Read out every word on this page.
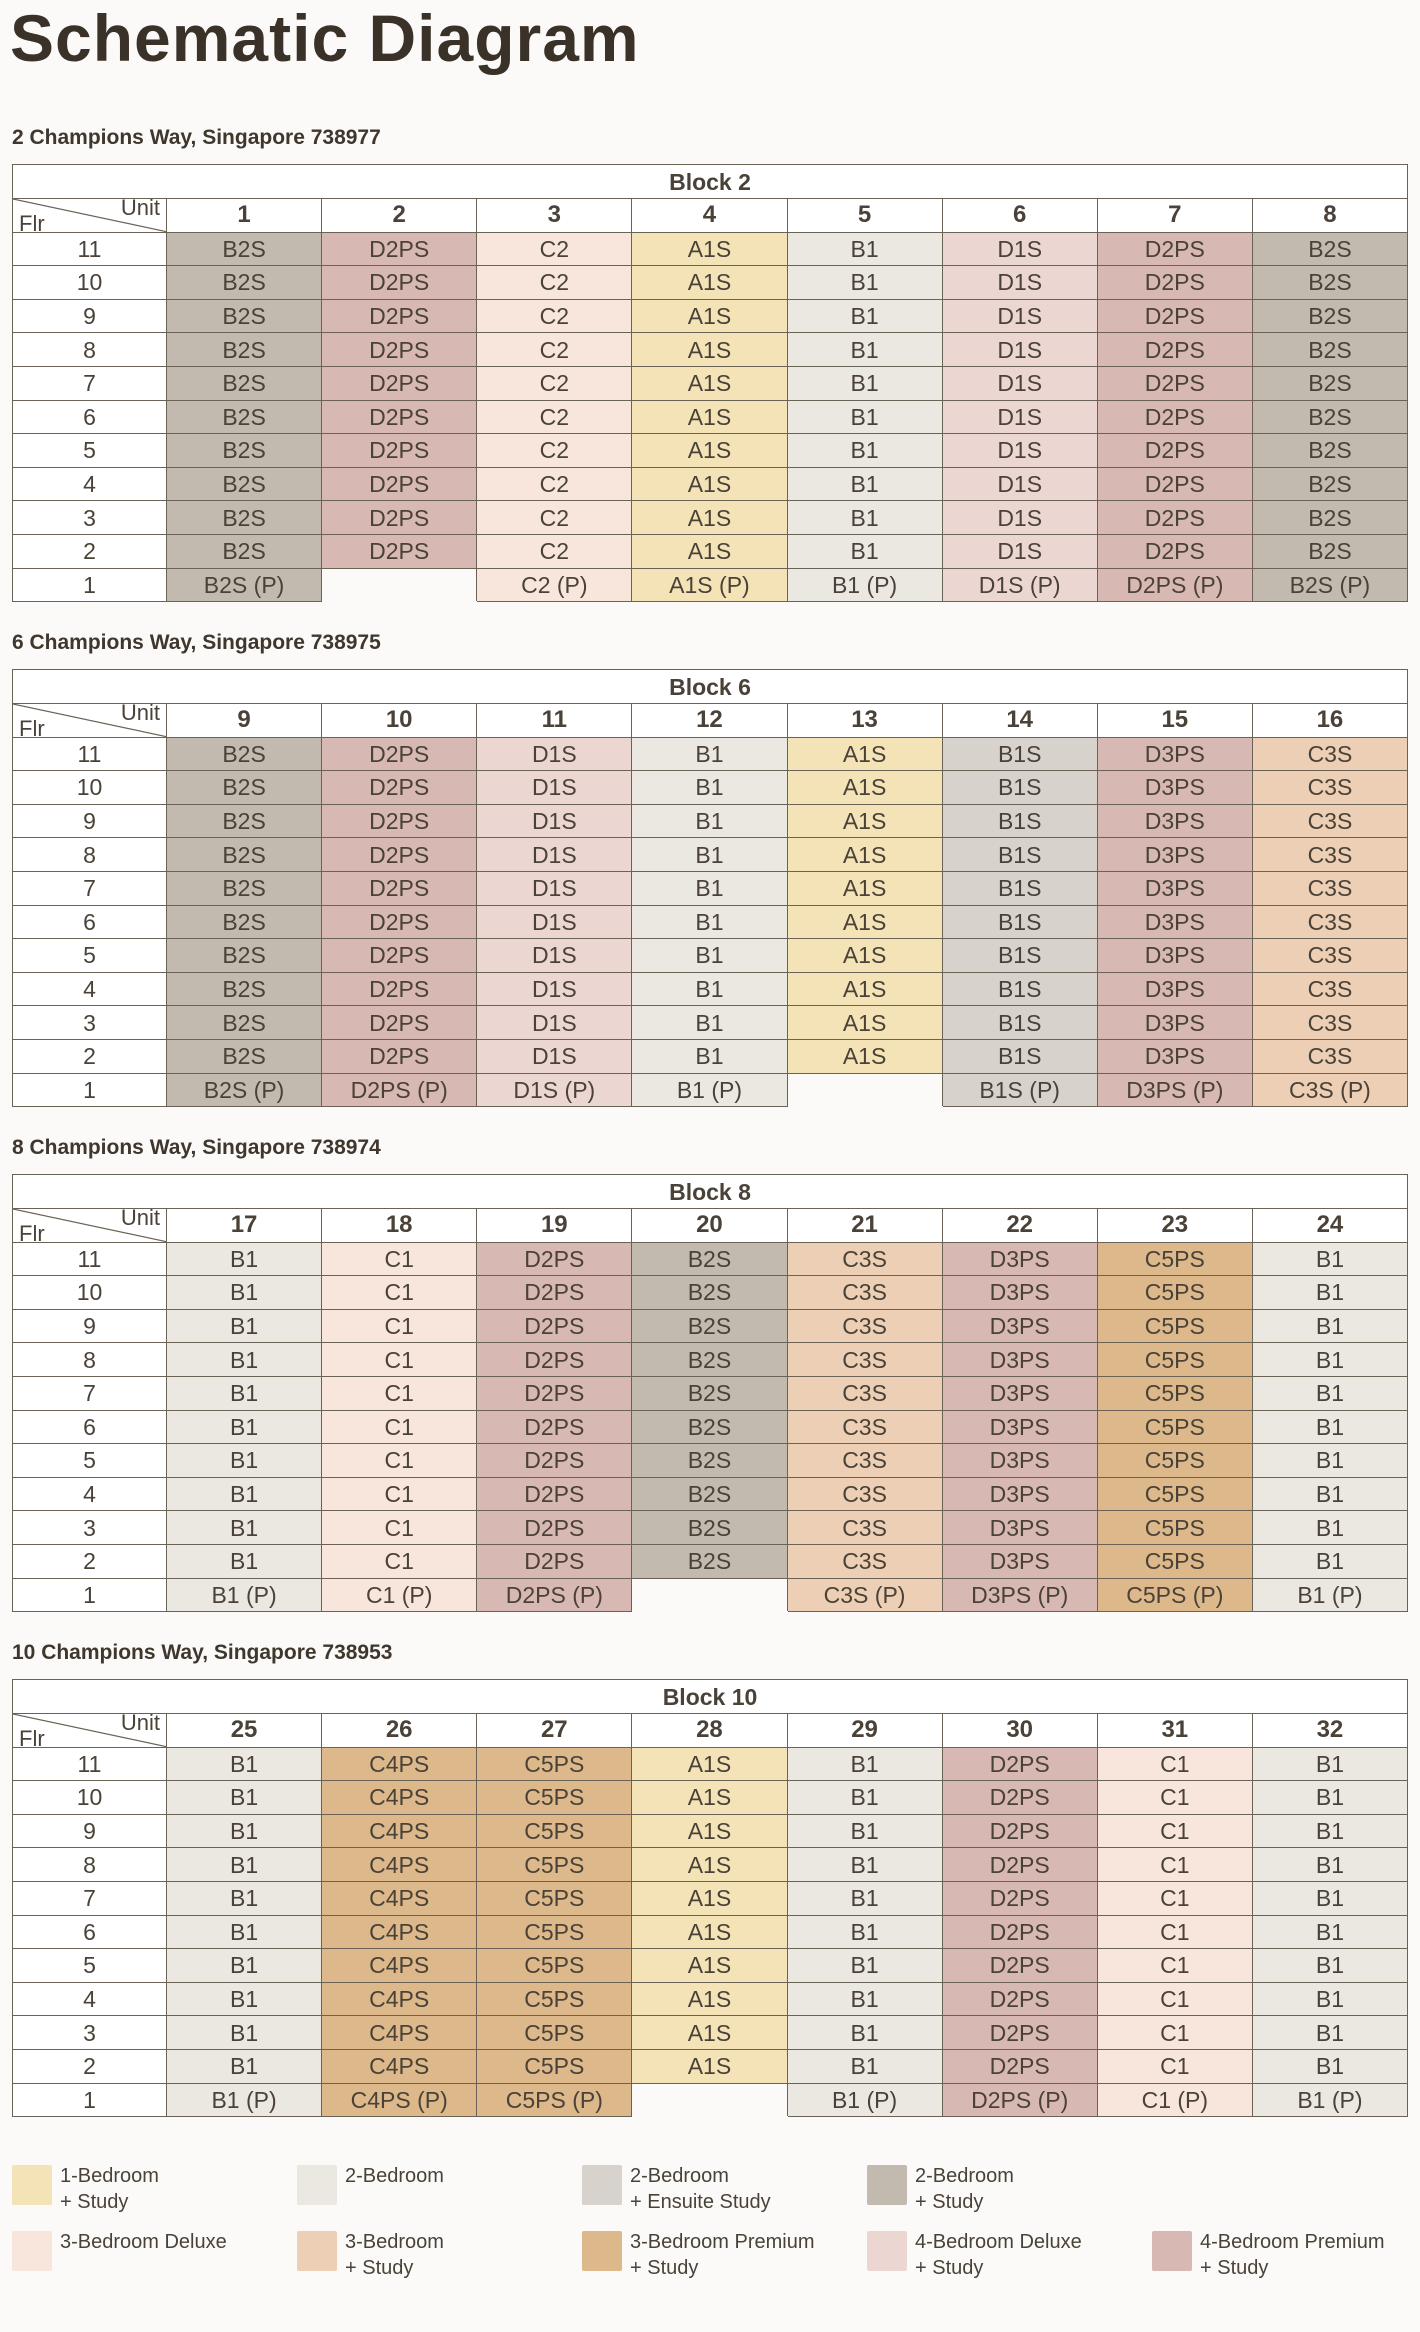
Schematic Diagram
2 Champions Way, Singapore 738977
Block 2								

Unit
Flr	1	2	3	4	5	6	7	8
11	B2S	D2PS	C2	A1S	B1	D1S	D2PS	B2S
10	B2S	D2PS	C2	A1S	B1	D1S	D2PS	B2S
9	B2S	D2PS	C2	A1S	B1	D1S	D2PS	B2S
8	B2S	D2PS	C2	A1S	B1	D1S	D2PS	B2S
7	B2S	D2PS	C2	A1S	B1	D1S	D2PS	B2S
6	B2S	D2PS	C2	A1S	B1	D1S	D2PS	B2S
5	B2S	D2PS	C2	A1S	B1	D1S	D2PS	B2S
4	B2S	D2PS	C2	A1S	B1	D1S	D2PS	B2S
3	B2S	D2PS	C2	A1S	B1	D1S	D2PS	B2S
2	B2S	D2PS	C2	A1S	B1	D1S	D2PS	B2S
1	B2S (P)		C2 (P)	A1S (P)	B1 (P)	D1S (P)	D2PS (P)	B2S (P)
6 Champions Way, Singapore 738975
Block 6								

Unit
Flr	9	10	11	12	13	14	15	16
11	B2S	D2PS	D1S	B1	A1S	B1S	D3PS	C3S
10	B2S	D2PS	D1S	B1	A1S	B1S	D3PS	C3S
9	B2S	D2PS	D1S	B1	A1S	B1S	D3PS	C3S
8	B2S	D2PS	D1S	B1	A1S	B1S	D3PS	C3S
7	B2S	D2PS	D1S	B1	A1S	B1S	D3PS	C3S
6	B2S	D2PS	D1S	B1	A1S	B1S	D3PS	C3S
5	B2S	D2PS	D1S	B1	A1S	B1S	D3PS	C3S
4	B2S	D2PS	D1S	B1	A1S	B1S	D3PS	C3S
3	B2S	D2PS	D1S	B1	A1S	B1S	D3PS	C3S
2	B2S	D2PS	D1S	B1	A1S	B1S	D3PS	C3S
1	B2S (P)	D2PS (P)	D1S (P)	B1 (P)		B1S (P)	D3PS (P)	C3S (P)
8 Champions Way, Singapore 738974
Block 8								

Unit
Flr	17	18	19	20	21	22	23	24
11	B1	C1	D2PS	B2S	C3S	D3PS	C5PS	B1
10	B1	C1	D2PS	B2S	C3S	D3PS	C5PS	B1
9	B1	C1	D2PS	B2S	C3S	D3PS	C5PS	B1
8	B1	C1	D2PS	B2S	C3S	D3PS	C5PS	B1
7	B1	C1	D2PS	B2S	C3S	D3PS	C5PS	B1
6	B1	C1	D2PS	B2S	C3S	D3PS	C5PS	B1
5	B1	C1	D2PS	B2S	C3S	D3PS	C5PS	B1
4	B1	C1	D2PS	B2S	C3S	D3PS	C5PS	B1
3	B1	C1	D2PS	B2S	C3S	D3PS	C5PS	B1
2	B1	C1	D2PS	B2S	C3S	D3PS	C5PS	B1
1	B1 (P)	C1 (P)	D2PS (P)		C3S (P)	D3PS (P)	C5PS (P)	B1 (P)
10 Champions Way, Singapore 738953
Block 10								

Unit
Flr	25	26	27	28	29	30	31	32
11	B1	C4PS	C5PS	A1S	B1	D2PS	C1	B1
10	B1	C4PS	C5PS	A1S	B1	D2PS	C1	B1
9	B1	C4PS	C5PS	A1S	B1	D2PS	C1	B1
8	B1	C4PS	C5PS	A1S	B1	D2PS	C1	B1
7	B1	C4PS	C5PS	A1S	B1	D2PS	C1	B1
6	B1	C4PS	C5PS	A1S	B1	D2PS	C1	B1
5	B1	C4PS	C5PS	A1S	B1	D2PS	C1	B1
4	B1	C4PS	C5PS	A1S	B1	D2PS	C1	B1
3	B1	C4PS	C5PS	A1S	B1	D2PS	C1	B1
2	B1	C4PS	C5PS	A1S	B1	D2PS	C1	B1
1	B1 (P)	C4PS (P)	C5PS (P)		B1 (P)	D2PS (P)	C1 (P)	B1 (P)
1-Bedroom
+ Study
2-Bedroom	2-Bedroom
+ Ensuite Study
2-Bedroom
+ Study
3-Bedroom Deluxe	3-Bedroom
+ Study
3-Bedroom Premium
+ Study
4-Bedroom Deluxe
+ Study
4-Bedroom Premium
+ Study
